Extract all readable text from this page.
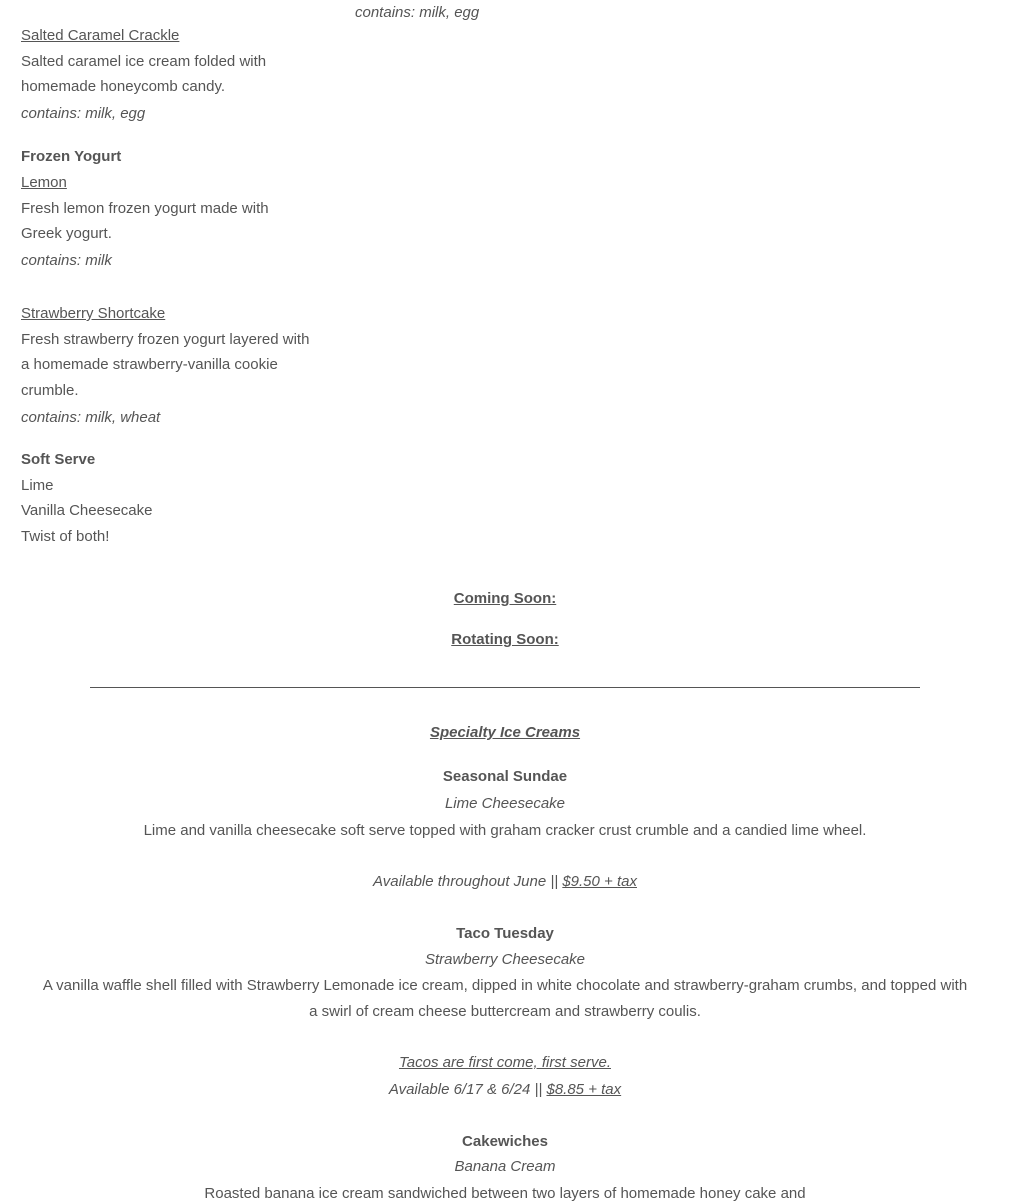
contains: milk, egg
Salted Caramel Crackle
Salted caramel ice cream folded with
homemade honeycomb candy.
contains: milk, egg
Frozen Yogurt
Lemon
Fresh lemon frozen yogurt made with
Greek yogurt.
contains: milk
Strawberry Shortcake
Fresh strawberry frozen yogurt layered with
a homemade strawberry-vanilla cookie
crumble.
contains: milk, wheat
Soft Serve
Lime
Vanilla Cheesecake
Twist of both!
Coming Soon:
Rotating Soon:
Specialty Ice Creams
Seasonal Sundae
Lime Cheesecake
Lime and vanilla cheesecake soft serve topped with graham cracker crust crumble and a candied lime wheel.
Available throughout June || $9.50 + tax
Taco Tuesday
Strawberry Cheesecake
A vanilla waffle shell filled with Strawberry Lemonade ice cream, dipped in white chocolate and strawberry-graham crumbs, and topped with
a swirl of cream cheese buttercream and strawberry coulis.
Tacos are first come, first serve.
Available 6/17 & 6/24 || $8.85 + tax
Cakewiches
Banana Cream
Roasted banana ice cream sandwiched between two layers of homemade honey cake and
